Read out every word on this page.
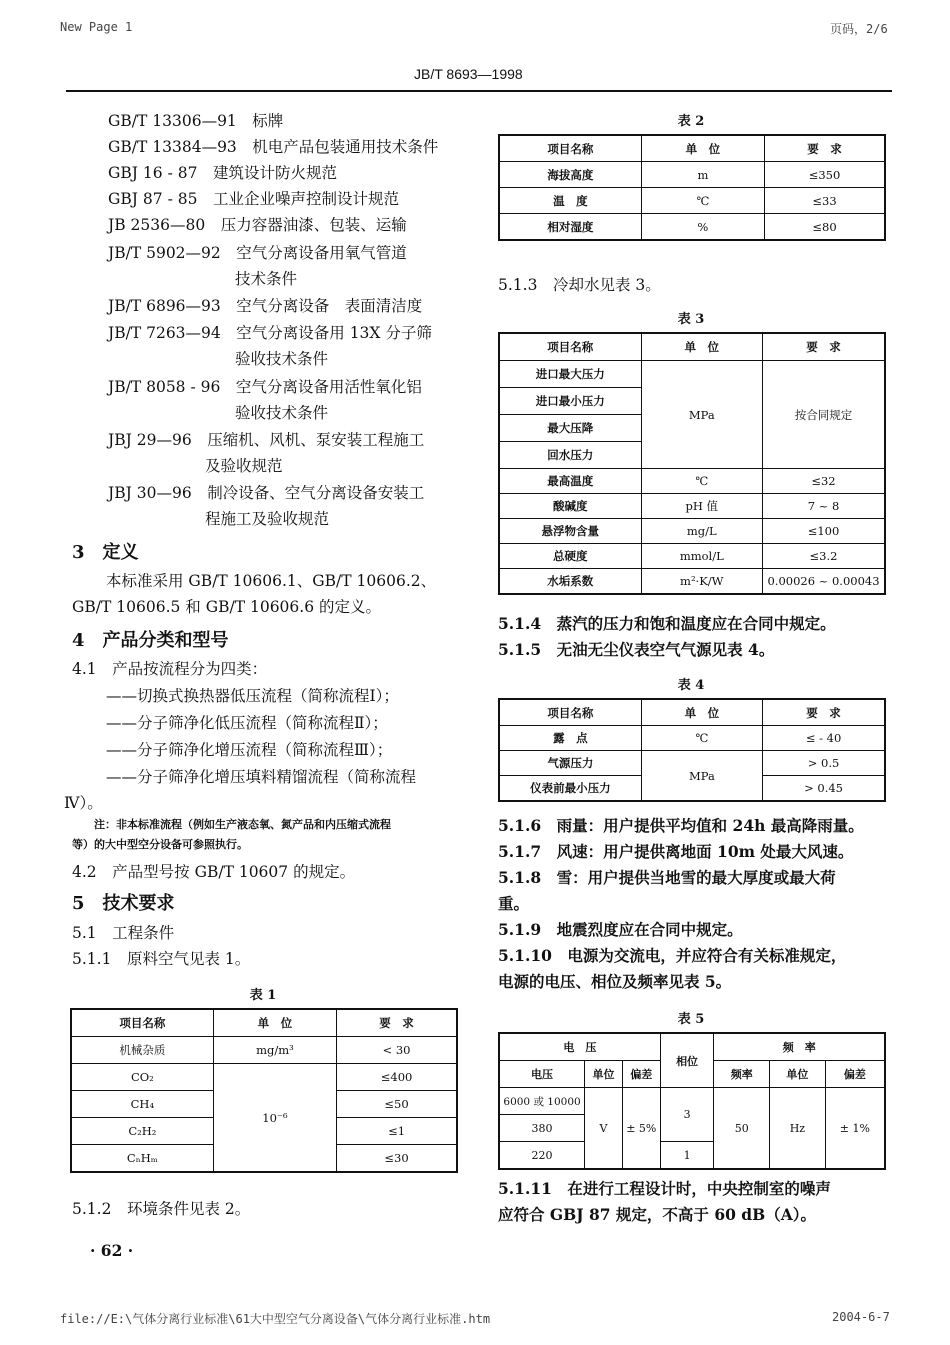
New Page 1	页码，2/6
file://E:\气体分离行业标准\61大中型空气分离设备\气体分离行业标准.htm	2004-6-7
JB/T 8693—1998
GB/T 13306—91　标牌
GB/T 13384—93　机电产品包装通用技术条件
GBJ 16 - 87　建筑设计防火规范
GBJ 87 - 85　工业企业噪声控制设计规范
JB 2536—80　压力容器油漆、包装、运输
JB/T 5902—92　空气分离设备用氧气管道
技术条件
JB/T 6896—93　空气分离设备　表面清洁度
JB/T 7263—94　空气分离设备用 13X 分子筛
验收技术条件
JB/T 8058 - 96　空气分离设备用活性氧化铝
验收技术条件
JBJ 29—96　压缩机、风机、泵安装工程施工
及验收规范
JBJ 30—96　制冷设备、空气分离设备安装工
程施工及验收规范
3　定义
本标准采用 GB/T 10606.1、GB/T 10606.2、
GB/T 10606.5 和 GB/T 10606.6 的定义。
4　产品分类和型号
4.1　产品按流程分为四类：
——切换式换热器低压流程（简称流程Ⅰ）；
——分子筛净化低压流程（简称流程Ⅱ）；
——分子筛净化增压流程（简称流程Ⅲ）；
——分子筛净化增压填料精馏流程（简称流程
Ⅳ）。
注：非本标准流程（例如生产液态氧、氮产品和内压缩式流程
等）的大中型空分设备可参照执行。
4.2　产品型号按 GB/T 10607 的规定。
5　技术要求
5.1　工程条件
5.1.1　原料空气见表 1。
表 1
项目名称	单　位	要　求
机械杂质	mg/m³	< 30
CO₂	10⁻⁶	≤400
CH₄		≤50
C₂H₂		≤1
CₙHₘ		≤30
5.1.2　环境条件见表 2。
· 62 ·
表 2
项目名称	单　位	要　求
海拔高度	m	≤350
温　度	℃	≤33
相对湿度	%	≤80
5.1.3　冷却水见表 3。
表 3
项目名称	单　位	要　求
进口最大压力	MPa	按合同规定
进口最小压力		
最大压降		
回水压力		
最高温度	℃	≤32
酸碱度	pH 值	7 ~ 8
悬浮物含量	mg/L	≤100
总硬度	mmol/L	≤3.2
水垢系数	m²·K/W	0.00026 ~ 0.00043
5.1.4　蒸汽的压力和饱和温度应在合同中规定。
5.1.5　无油无尘仪表空气气源见表 4。
表 4
项目名称	单　位	要　求
露　点	℃	≤ - 40
气源压力	MPa	> 0.5
仪表前最小压力		> 0.45
5.1.6　雨量：用户提供平均值和 24h 最高降雨量。
5.1.7　风速：用户提供离地面 10m 处最大风速。
5.1.8　雪：用户提供当地雪的最大厚度或最大荷
重。
5.1.9　地震烈度应在合同中规定。
5.1.10　电源为交流电，并应符合有关标准规定，
电源的电压、相位及频率见表 5。
表 5
电　压			相位	频　率		
电压	单位	偏差		频率	单位	偏差
6000 或 10000	V	± 5%	3	50	Hz	± 1%
380						
220			1			
5.1.11　在进行工程设计时，中央控制室的噪声
应符合 GBJ 87 规定，不高于 60 dB（A）。
